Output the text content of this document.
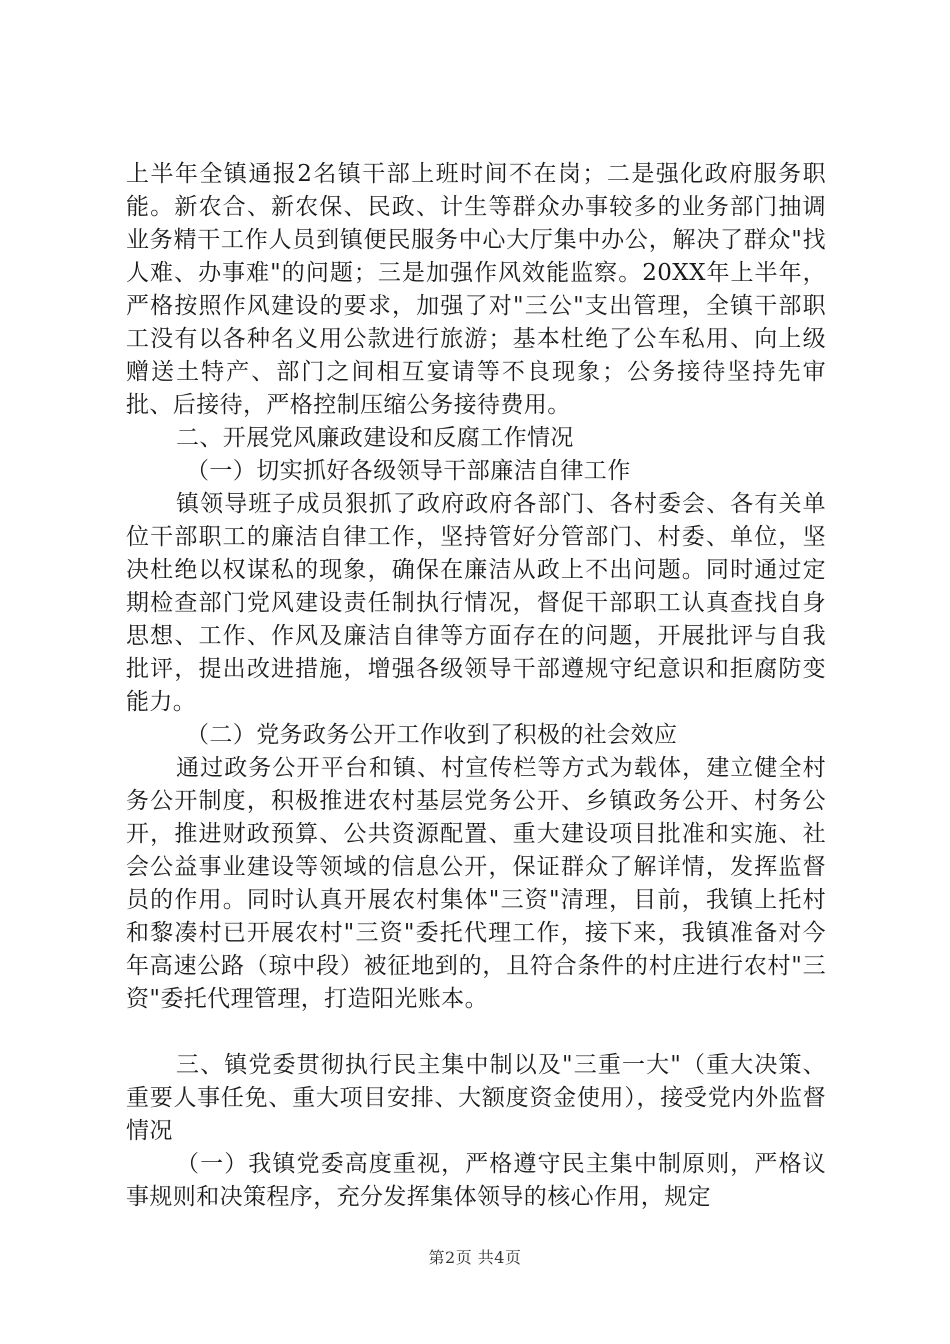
上半年全镇通报2名镇干部上班时间不在岗；二是强化政府服务职能。新农合、新农保、民政、计生等群众办事较多的业务部门抽调业务精干工作人员到镇便民服务中心大厅集中办公，解决了群众"找人难、办事难"的问题；三是加强作风效能监察。20XX年上半年，严格按照作风建设的要求，加强了对"三公"支出管理，全镇干部职工没有以各种名义用公款进行旅游；基本杜绝了公车私用、向上级赠送土特产、部门之间相互宴请等不良现象；公务接待坚持先审批、后接待，严格控制压缩公务接待费用。

二、开展党风廉政建设和反腐工作情况

（一）切实抓好各级领导干部廉洁自律工作

镇领导班子成员狠抓了政府政府各部门、各村委会、各有关单位干部职工的廉洁自律工作，坚持管好分管部门、村委、单位，坚决杜绝以权谋私的现象，确保在廉洁从政上不出问题。同时通过定期检查部门党风建设责任制执行情况，督促干部职工认真查找自身思想、工作、作风及廉洁自律等方面存在的问题，开展批评与自我批评，提出改进措施，增强各级领导干部遵规守纪意识和拒腐防变能力。

（二）党务政务公开工作收到了积极的社会效应

通过政务公开平台和镇、村宣传栏等方式为载体，建立健全村务公开制度，积极推进农村基层党务公开、乡镇政务公开、村务公开，推进财政预算、公共资源配置、重大建设项目批准和实施、社会公益事业建设等领域的信息公开，保证群众了解详情，发挥监督员的作用。同时认真开展农村集体"三资"清理，目前，我镇上托村和黎凑村已开展农村"三资"委托代理工作，接下来，我镇准备对今年高速公路（琼中段）被征地到的，且符合条件的村庄进行农村"三资"委托代理管理，打造阳光账本。

三、镇党委贯彻执行民主集中制以及"三重一大"（重大决策、重要人事任免、重大项目安排、大额度资金使用），接受党内外监督情况

（一）我镇党委高度重视，严格遵守民主集中制原则，严格议事规则和决策程序，充分发挥集体领导的核心作用，规定

第2页 共4页
